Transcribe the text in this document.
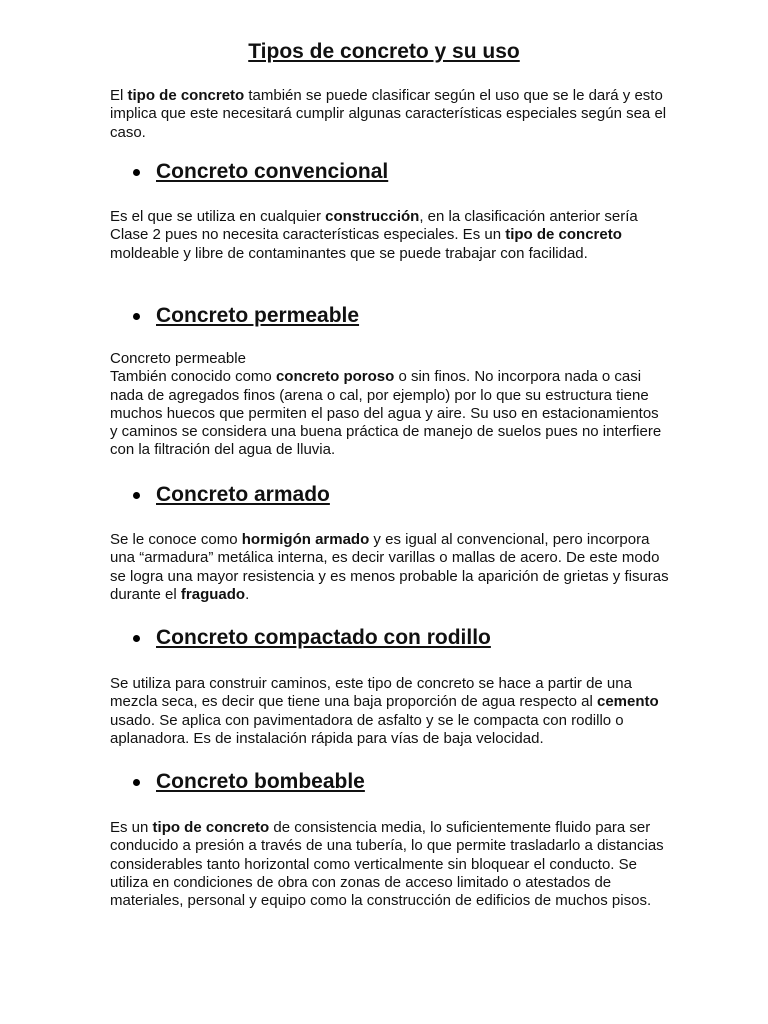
Tipos de concreto y su uso

El tipo de concreto también se puede clasificar según el uso que se le dará y esto implica que este necesitará cumplir algunas características especiales según sea el caso.

Concreto convencional

Es el que se utiliza en cualquier construcción, en la clasificación anterior sería Clase 2 pues no necesita características especiales. Es un tipo de concreto moldeable y libre de contaminantes que se puede trabajar con facilidad.

Concreto permeable

Concreto permeable
También conocido como concreto poroso o sin finos. No incorpora nada o casi nada de agregados finos (arena o cal, por ejemplo) por lo que su estructura tiene muchos huecos que permiten el paso del agua y aire. Su uso en estacionamientos y caminos se considera una buena práctica de manejo de suelos pues no interfiere con la filtración del agua de lluvia.

Concreto armado

Se le conoce como hormigón armado y es igual al convencional, pero incorpora una “armadura” metálica interna, es decir varillas o mallas de acero. De este modo se logra una mayor resistencia y es menos probable la aparición de grietas y fisuras durante el fraguado.

Concreto compactado con rodillo

Se utiliza para construir caminos, este tipo de concreto se hace a partir de una mezcla seca, es decir que tiene una baja proporción de agua respecto al cemento usado. Se aplica con pavimentadora de asfalto y se le compacta con rodillo o aplanadora. Es de instalación rápida para vías de baja velocidad.

Concreto bombeable

Es un tipo de concreto de consistencia media, lo suficientemente fluido para ser conducido a presión a través de una tubería, lo que permite trasladarlo a distancias considerables tanto horizontal como verticalmente sin bloquear el conducto. Se utiliza en condiciones de obra con zonas de acceso limitado o atestados de materiales, personal y equipo como la construcción de edificios de muchos pisos.
